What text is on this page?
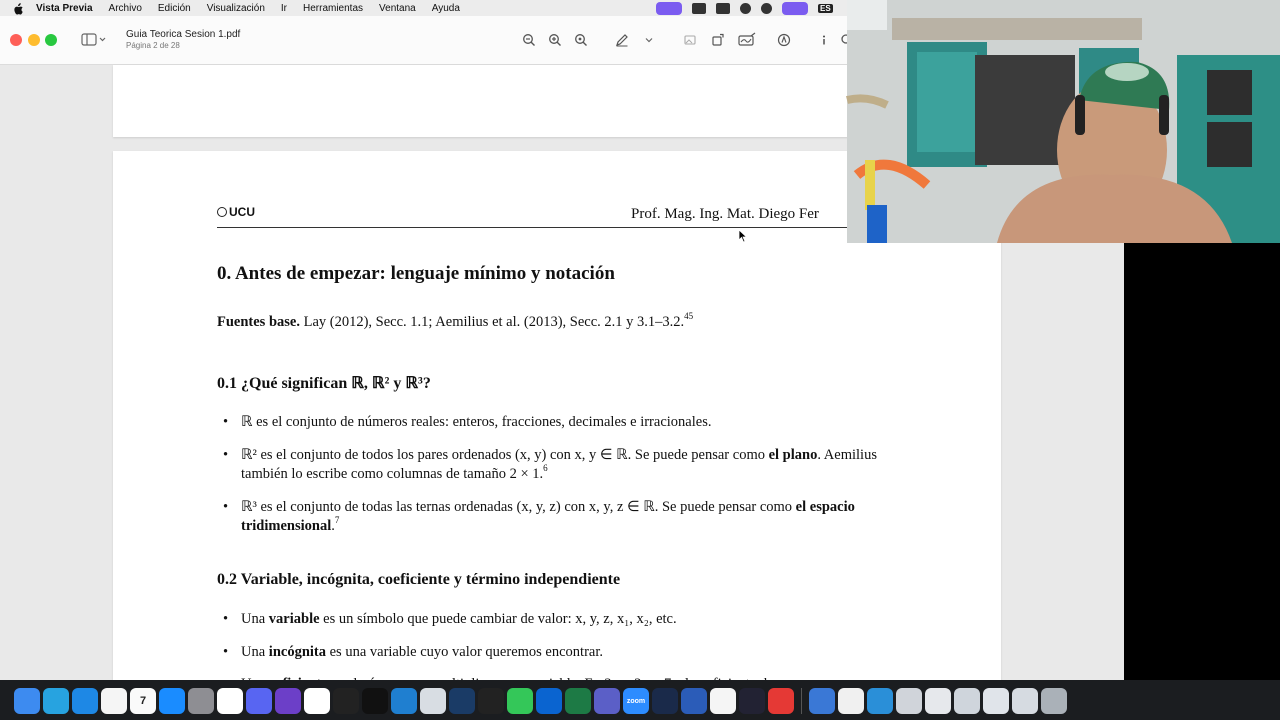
Vista Previa Archivo Edición Visualización Ir Herramientas Ventana Ayuda	ES
Guia Teorica Sesion 1.pdf
Página 2 de 28
UCU	Prof. Mag. Ing. Mat. Diego Fer
0. Antes de empezar: lenguaje mínimo y notación
Fuentes base. Lay (2012), Secc. 1.1; Aemilius et al. (2013), Secc. 2.1 y 3.1–3.2.45
0.1 ¿Qué significan ℝ, ℝ² y ℝ³?
• ℝ es el conjunto de números reales: enteros, fracciones, decimales e irracionales.
• ℝ² es el conjunto de todos los pares ordenados (x, y) con x, y ∈ ℝ. Se puede pensar como el plano. Aemilius también lo escribe como columnas de tamaño 2 × 1.$^6$
• ℝ³ es el conjunto de todas las ternas ordenadas (x, y, z) con x, y, z ∈ ℝ. Se puede pensar como el espacio tridimensional.$^7$
0.2 Variable, incógnita, coeficiente y término independiente
• Una variable es un símbolo que puede cambiar de valor: x, y, z, x₁, x₂, etc.
• Una incógnita es una variable cuyo valor queremos encontrar.
•
7	zoom
